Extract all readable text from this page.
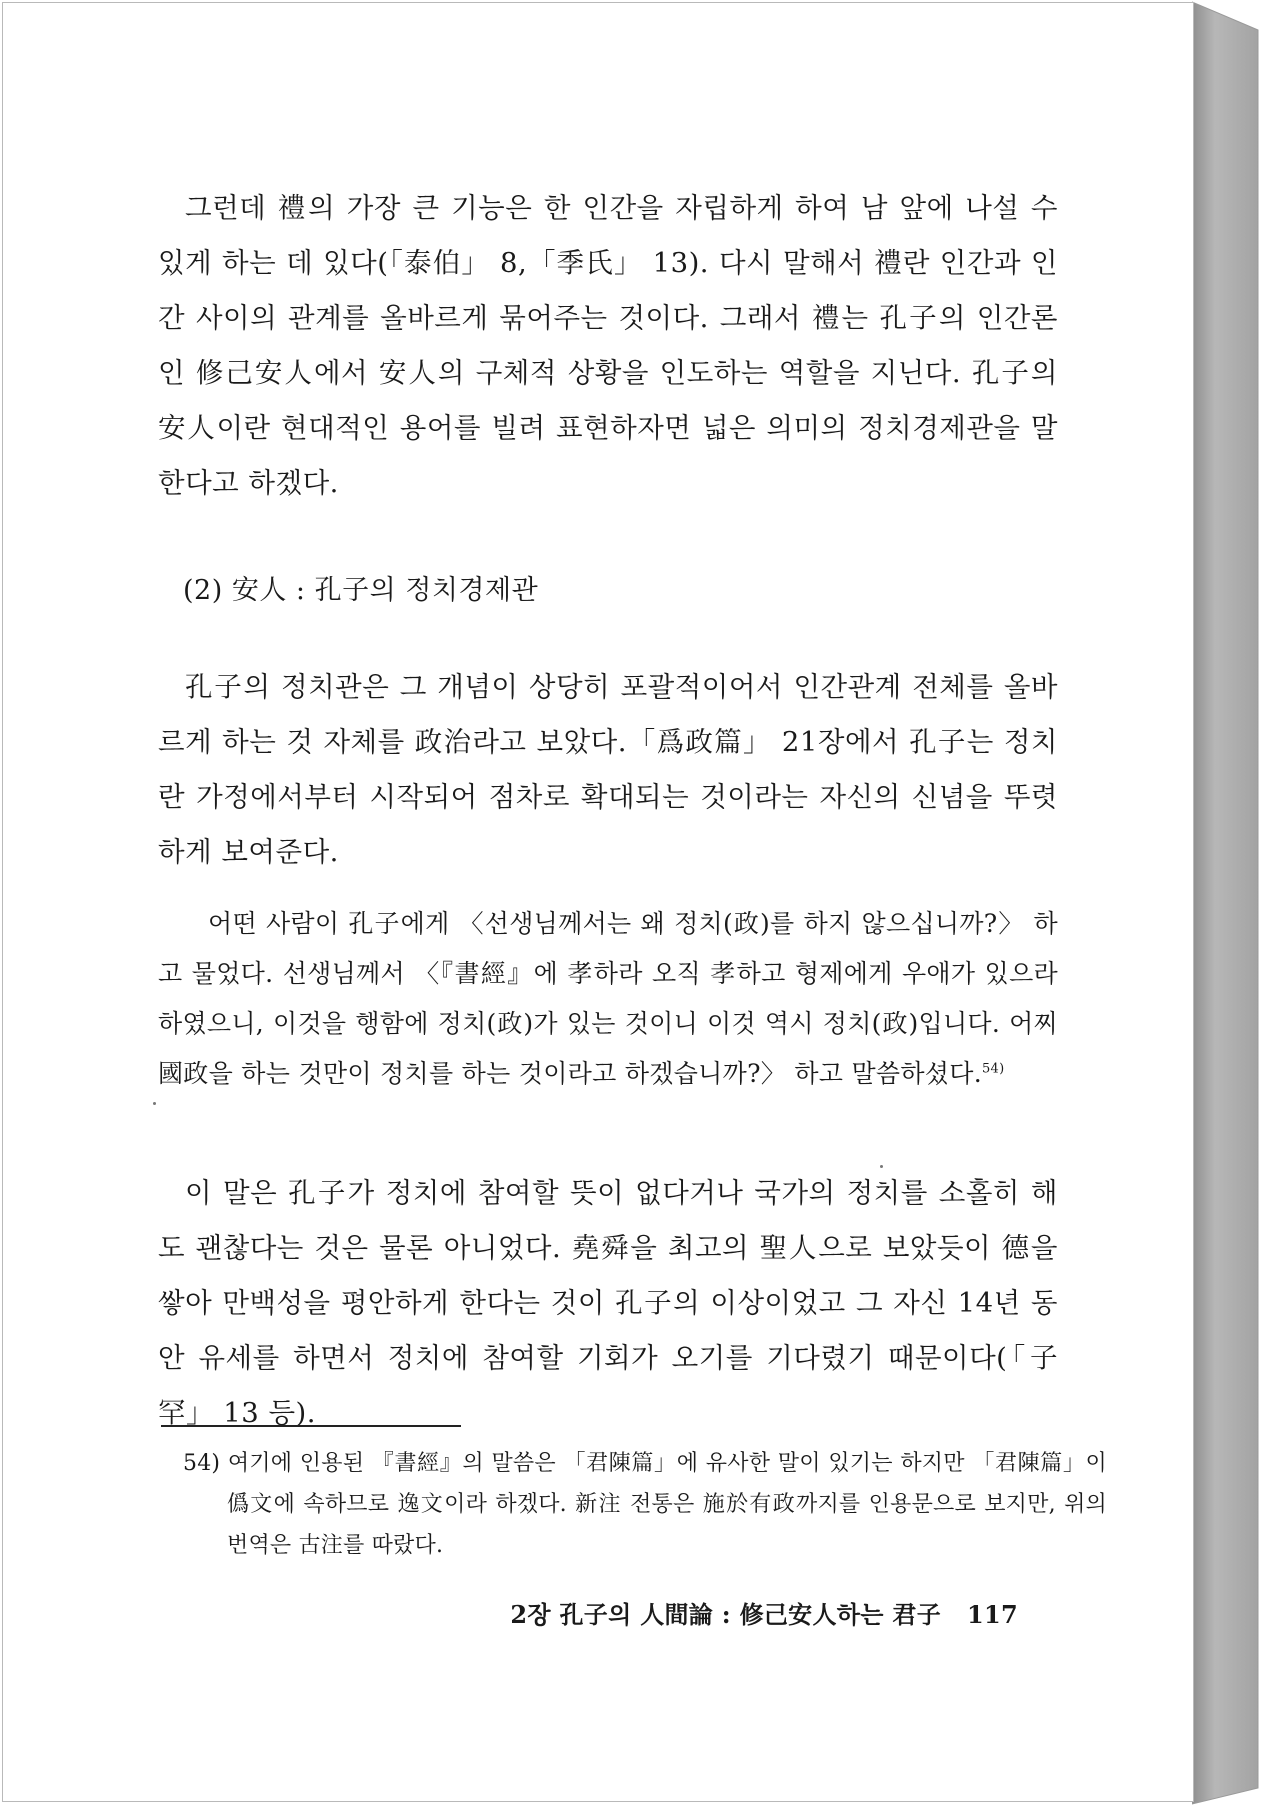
그런데 禮의 가장 큰 기능은 한 인간을 자립하게 하여 남 앞에 나설 수 있게 하는 데 있다(「泰伯」 8,「季氏」 13). 다시 말해서 禮란 인간과 인간 사이의 관계를 올바르게 묶어주는 것이다. 그래서 禮는 孔子의 인간론인 修己安人에서 安人의 구체적 상황을 인도하는 역할을 지닌다. 孔子의 安人이란 현대적인 용어를 빌려 표현하자면 넓은 의미의 정치경제관을 말한다고 하겠다.

(2) 安人 : 孔子의 정치경제관

孔子의 정치관은 그 개념이 상당히 포괄적이어서 인간관계 전체를 올바르게 하는 것 자체를 政治라고 보았다.「爲政篇」 21장에서 孔子는 정치란 가정에서부터 시작되어 점차로 확대되는 것이라는 자신의 신념을 뚜렷하게 보여준다.

어떤 사람이 孔子에게 〈선생님께서는 왜 정치(政)를 하지 않으십니까?〉 하고 물었다. 선생님께서 〈『書經』에 孝하라 오직 孝하고 형제에게 우애가 있으라 하였으니, 이것을 행함에 정치(政)가 있는 것이니 이것 역시 정치(政)입니다. 어찌 國政을 하는 것만이 정치를 하는 것이라고 하겠습니까?〉 하고 말씀하셨다.$^{54)}$

이 말은 孔子가 정치에 참여할 뜻이 없다거나 국가의 정치를 소홀히 해도 괜찮다는 것은 물론 아니었다. 堯舜을 최고의 聖人으로 보았듯이 德을 쌓아 만백성을 평안하게 한다는 것이 孔子의 이상이었고 그 자신 14년 동안 유세를 하면서 정치에 참여할 기회가 오기를 기다렸기 때문이다(「子罕」 13 등).

54) 여기에 인용된 『書經』의 말씀은 「君陳篇」에 유사한 말이 있기는 하지만 「君陳篇」이 僞文에 속하므로 逸文이라 하겠다. 新注 전통은 施於有政까지를 인용문으로 보지만, 위의 번역은 古注를 따랐다.

2장 孔子의 人間論 : 修己安人하는 君子 117
